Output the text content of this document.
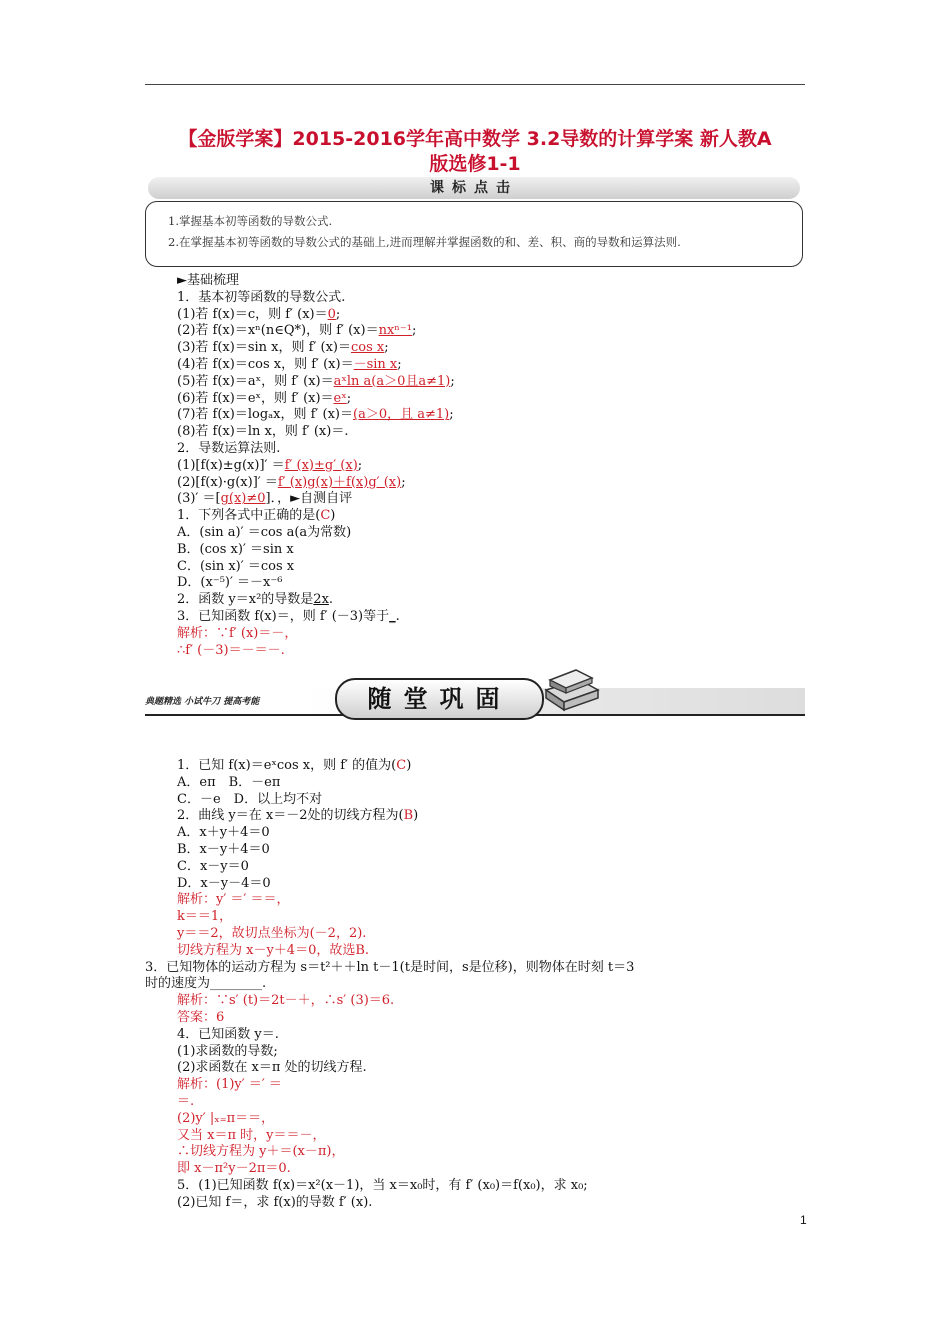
【金版学案】2015-2016学年高中数学 3.2导数的计算学案 新人教A
版选修1-1
课标点击
1.掌握基本初等函数的导数公式.
2.在掌握基本初等函数的导数公式的基础上,进而理解并掌握函数的和、差、积、商的导数和运算法则.
►基础梳理
1．基本初等函数的导数公式.
(1)若 f(x)＝c，则 f′ (x)＝0;
(2)若 f(x)＝xⁿ(n∈Q*)，则 f′ (x)＝nxⁿ⁻¹;
(3)若 f(x)＝sin x，则 f′ (x)＝cos x;
(4)若 f(x)＝cos x，则 f′ (x)＝－sin x;
(5)若 f(x)＝aˣ，则 f′ (x)＝aˣln a(a＞0且a≠1);
(6)若 f(x)＝eˣ，则 f′ (x)＝eˣ;
(7)若 f(x)＝logₐx，则 f′ (x)＝(a＞0，且 a≠1);
(8)若 f(x)＝ln x，则 f′ (x)＝.
2．导数运算法则.
(1)[f(x)±g(x)]′ ＝f′ (x)±g′ (x);
(2)[f(x)·g(x)]′ ＝f′ (x)g(x)＋f(x)g′ (x);
(3)′ ＝[g(x)≠0]．，►自测自评
1．下列各式中正确的是(C)
A．(sin a)′ ＝cos a(a为常数)
B．(cos x)′ ＝sin x
C．(sin x)′ ＝cos x
D．(x⁻⁵)′ ＝－x⁻⁶
2．函数 y＝x²的导数是2x.
3．已知函数 f(x)＝，则 f′ (－3)等于_.
解析：∵f′ (x)＝－，
∴f′ (－3)＝－＝－.
典题精选 小试牛刀 提高考能	随堂巩固
1．已知 f(x)＝eˣcos x，则 f′ 的值为(C)
A．eᴨ　B．－eᴨ
C．－e　D．以上均不对
2．曲线 y＝在 x＝－2处的切线方程为(B)
A．x＋y＋4＝0
B．x－y＋4＝0
C．x－y＝0
D．x－y－4＝0
解析：y′ ＝′ ＝＝，
k＝＝1，
y＝＝2，故切点坐标为(－2，2).
切线方程为 x－y＋4＝0，故选B.
3．已知物体的运动方程为 s＝t²＋＋ln t－1(t是时间，s是位移)，则物体在时刻 t＝3
时的速度为________.
解析：∵s′ (t)＝2t－＋，∴s′ (3)＝6.
答案：6
4．已知函数 y＝.
(1)求函数的导数;
(2)求函数在 x＝π 处的切线方程.
解析：(1)y′ ＝′ ＝
＝.
(2)y′ |ₓ₌π＝＝，
又当 x＝π 时，y＝＝－，
∴切线方程为 y＋＝(x－π)，
即 x－π²y－2π＝0.
5．(1)已知函数 f(x)＝x²(x－1)，当 x＝x₀时，有 f′ (x₀)＝f(x₀)，求 x₀;
(2)已知 f＝，求 f(x)的导数 f′ (x).
1
